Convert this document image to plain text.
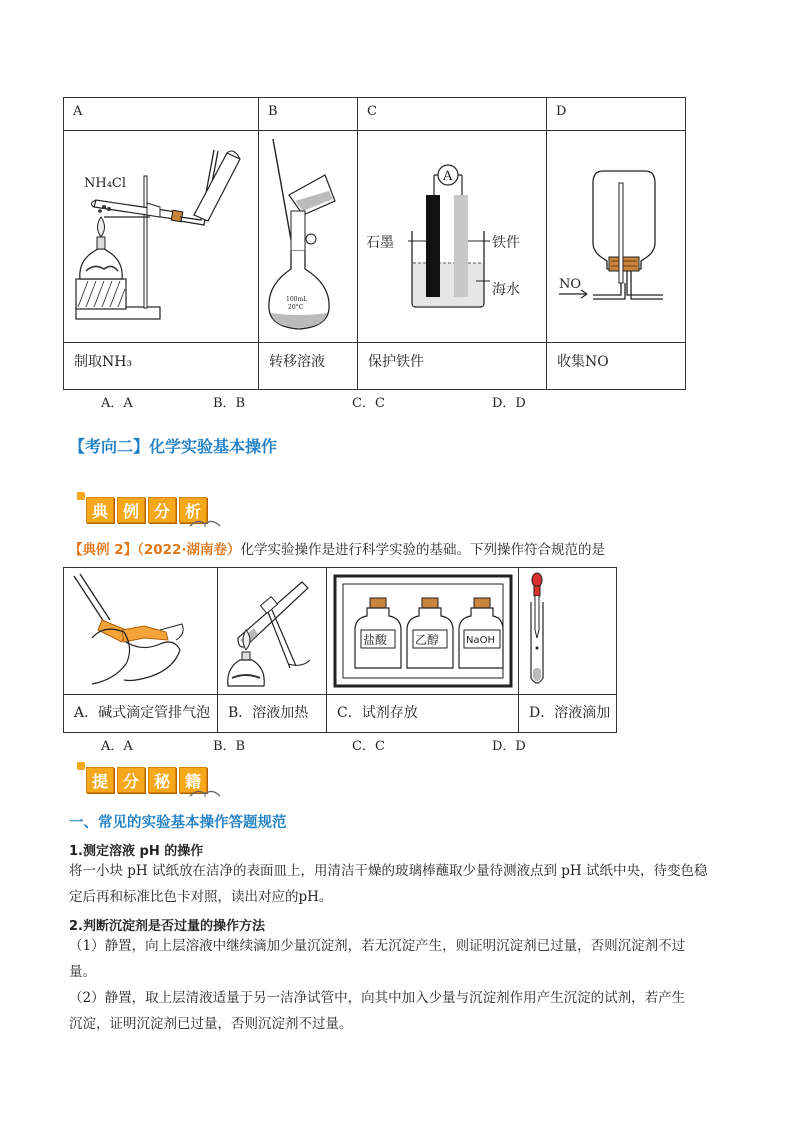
A	B	C	D

制取NH₃	转移溶液	保护铁件	收集NO
NH₄Cl
100mL
20°C
A
石墨	铁件
海水	NO
A．A	B．B	C．C	D．D
【考向二】化学实验基本操作
典 例 分 析
【典例 2】（2022·湖南卷）化学实验操作是进行科学实验的基础。下列操作符合规范的是

A．碱式滴定管排气泡	B．溶液加热	C．试剂存放	D．溶液滴加
盐酸 乙醇	NaOH
A．A	B．B	C．C	D．D
提 分 秘 籍
一、常见的实验基本操作答题规范
1.测定溶液 pH 的操作
将一小块 pH 试纸放在洁净的表面皿上，用清洁干燥的玻璃棒蘸取少量待测液点到 pH 试纸中央，待变色稳
定后再和标准比色卡对照，读出对应的pH。
2.判断沉淀剂是否过量的操作方法
（1）静置，向上层溶液中继续滴加少量沉淀剂，若无沉淀产生，则证明沉淀剂已过量，否则沉淀剂不过
量。
（2）静置，取上层清液适量于另一洁净试管中，向其中加入少量与沉淀剂作用产生沉淀的试剂，若产生
沉淀，证明沉淀剂已过量，否则沉淀剂不过量。
